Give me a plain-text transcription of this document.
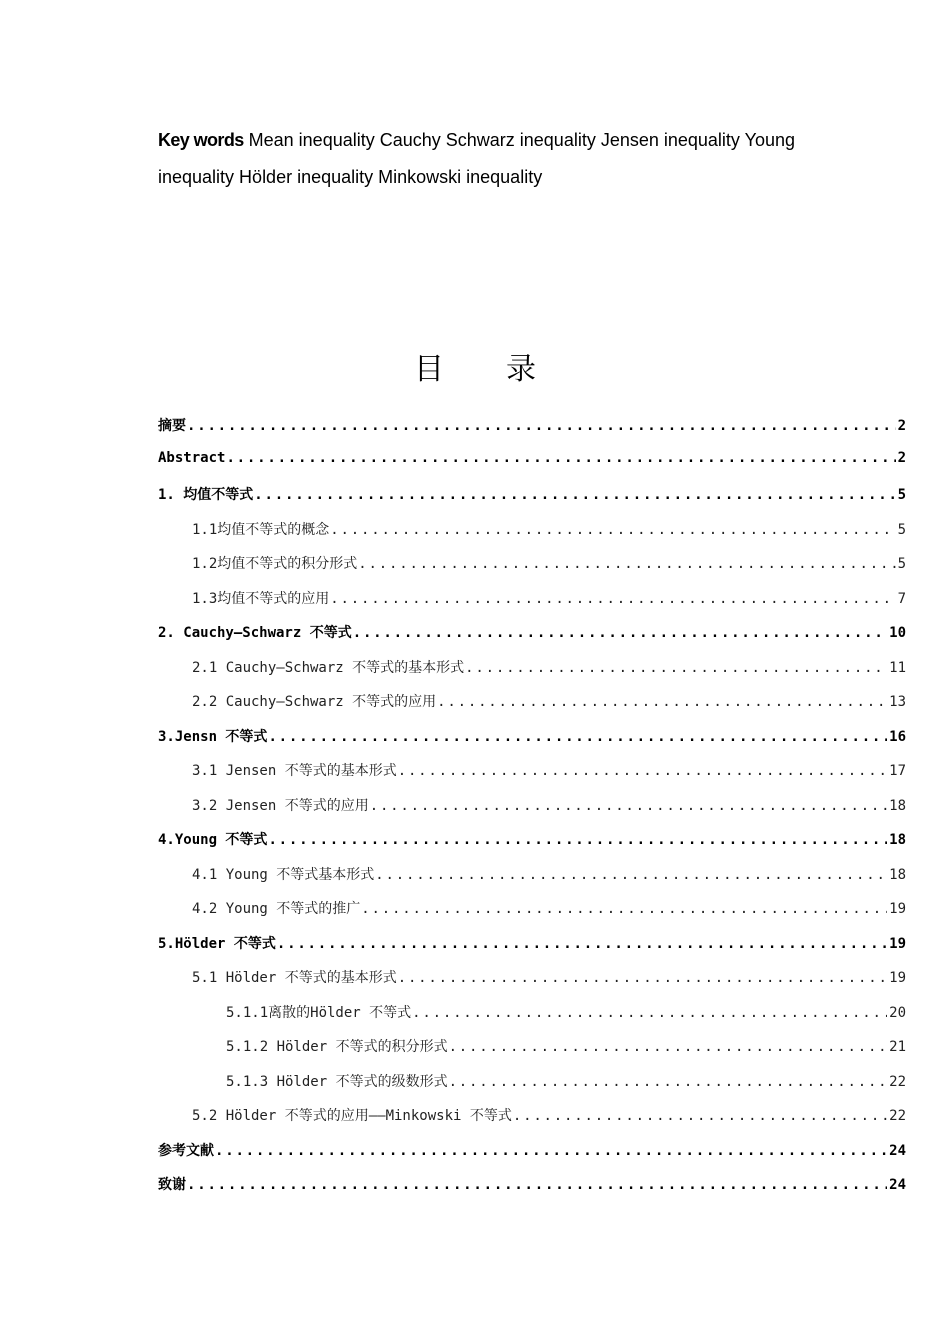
Key words Mean inequality Cauchy Schwarz inequality Jensen inequality Young inequality Hölder inequality Minkowski inequality
目 录
摘要 .....	2
Abstract .....	2
1. 均值不等式 .....	5
1.1均值不等式的概念 .....	5
1.2均值不等式的积分形式 .....	5
1.3均值不等式的应用 .....	7
2. Cauchy—Schwarz 不等式 .....	10
2.1 Cauchy—Schwarz 不等式的基本形式 .....	11
2.2 Cauchy—Schwarz 不等式的应用 .....	13
3.Jensn 不等式 .....	16
3.1 Jensen 不等式的基本形式 .....	17
3.2 Jensen 不等式的应用 .....	18
4.Young 不等式 .....	18
4.1 Young 不等式基本形式 .....	18
4.2 Young 不等式的推广 .....	19
5.Hölder 不等式 .....	19
5.1 Hölder 不等式的基本形式 .....	19
5.1.1离散的Hölder 不等式 .....	20
5.1.2 Hölder 不等式的积分形式 .....	21
5.1.3 Hölder 不等式的级数形式 .....	22
5.2 Hölder 不等式的应用——Minkowski 不等式 .....	22
参考文献 .....	24
致谢 .....	24
